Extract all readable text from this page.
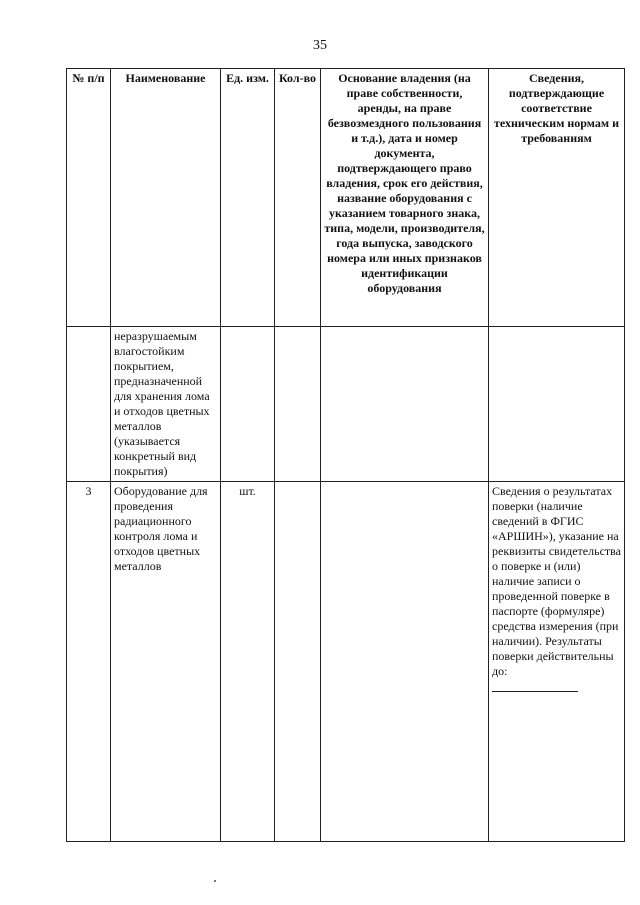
35
№ п/п	Наименование	Ед. изм.	Кол-во	Основание владения (на праве собственности, аренды, на праве безвозмездного пользования и т.д.), дата и номер документа, подтверждающего право владения, срок его действия, название оборудования с указанием товарного знака, типа, модели, производителя, года выпуска, заводского номера или иных признаков идентификации оборудования	Сведения, подтверждающие соответствие техническим нормам и требованиям
	неразрушаемым влагостойким покрытием, предназначенной для хранения лома и отходов цветных металлов (указывается конкретный вид покрытия)				
3	Оборудование для проведения радиационного контроля лома и отходов цветных металлов	шт.			Сведения о результатах поверки (наличие сведений в ФГИС «АРШИН»), указание на реквизиты свидетельства о поверке и (или) наличие записи о проведенной поверке в паспорте (формуляре) средства измерения (при наличии). Результаты поверки действительны до:
